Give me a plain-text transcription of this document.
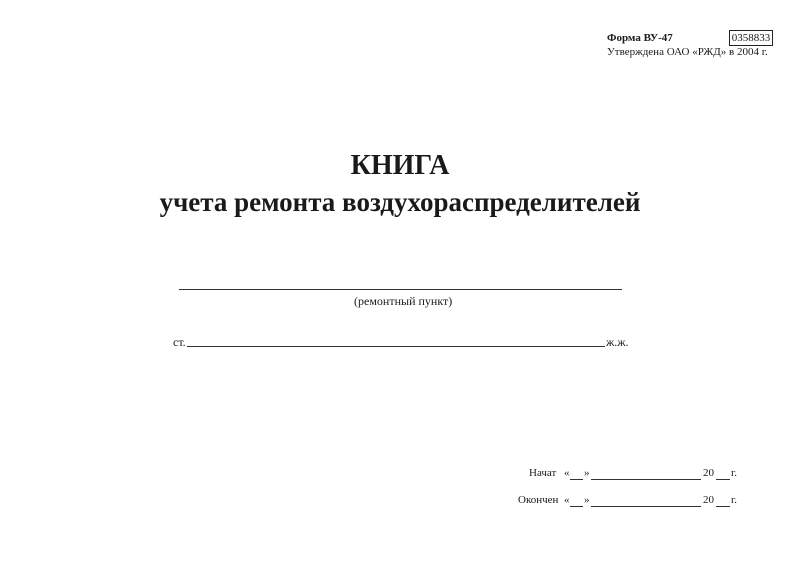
Форма ВУ-47	0358833
Утверждена ОАО «РЖД» в 2004 г.
КНИГА
учета ремонта воздухораспределителей
(ремонтный пункт)
ст.	ж.ж.
Начат « »	20 г.
Окончен « »	20 г.
